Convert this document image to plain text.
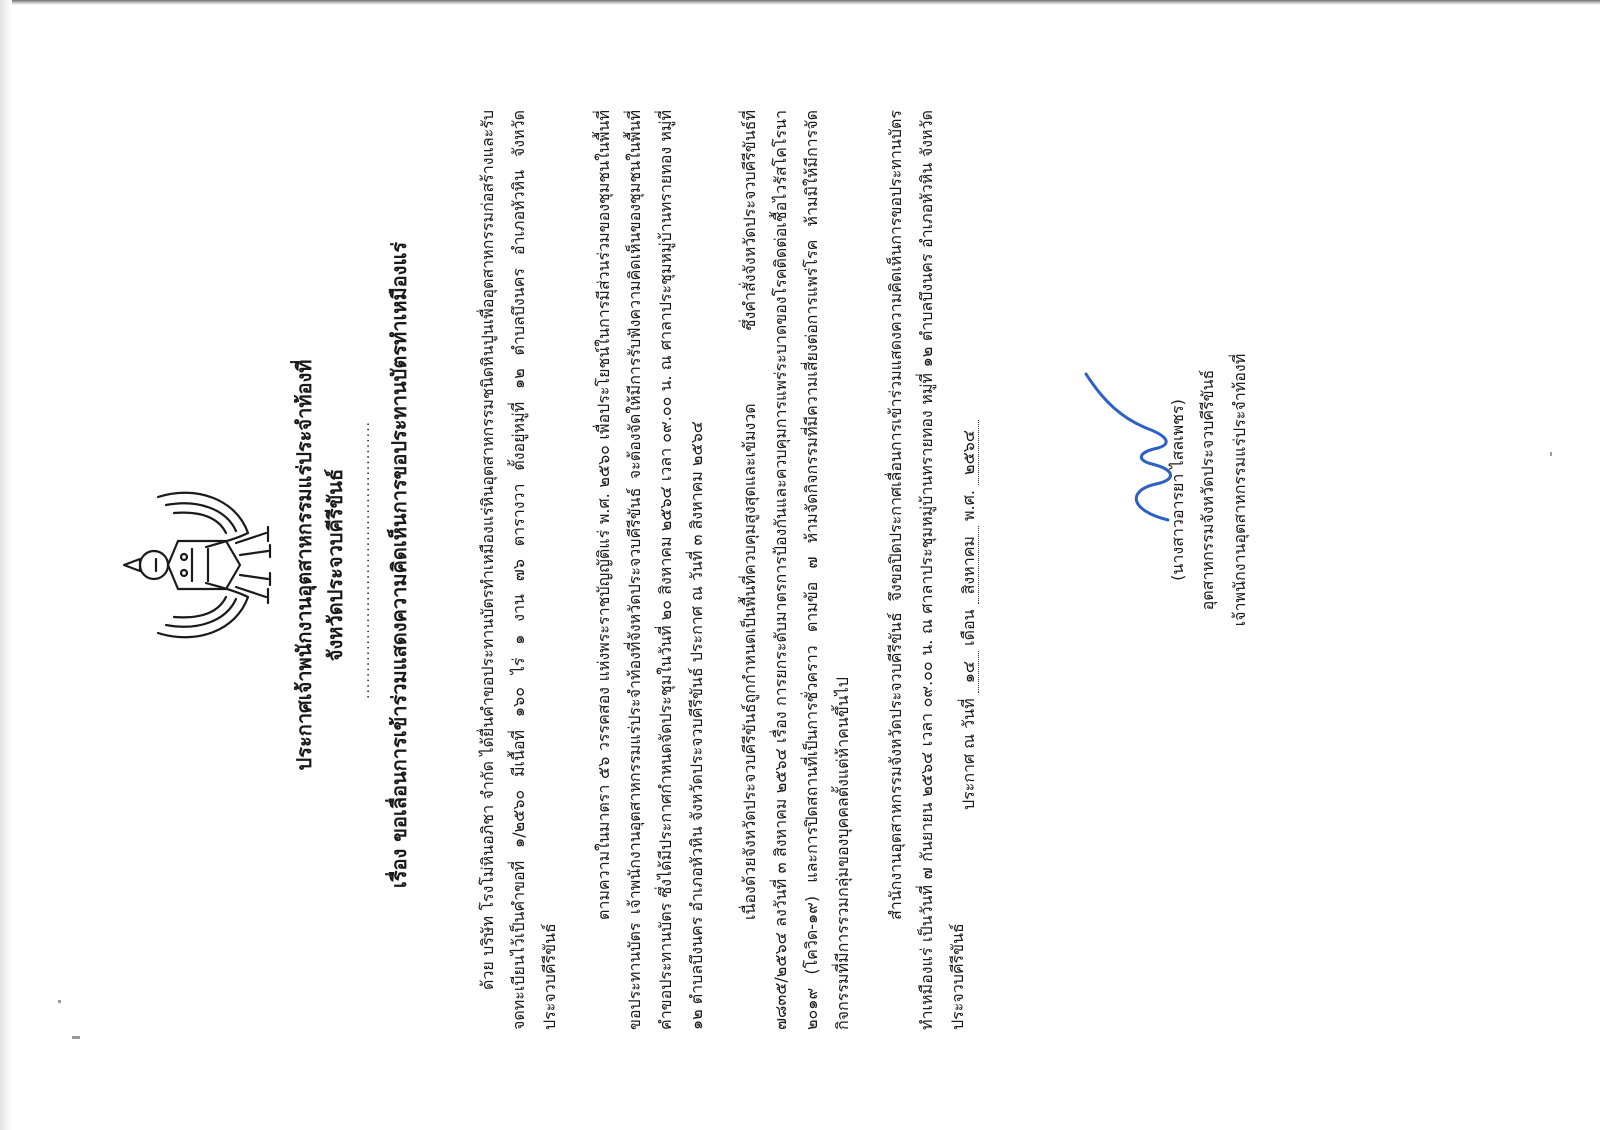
ประกาศเจ้าพนักงานอุตสาหกรรมแร่ประจำท้องที่ จังหวัดประจวบคีรีขันธ์ ................................................... เรื่อง ขอเลื่อนการเข้าร่วมแสดงความคิดเห็นการขอประทานบัตรทำเหมืองแร่	ด้วย บริษัท โรงโม่หินอภิชา จำกัด ได้ยื่นคำขอประทานบัตรทำเหมืองแร่หินอุตสาหกรรมชนิดหินปูนเพื่ออุตสาหกรรมก่อสร้างและรับจดทะเบียนไว้เป็นคำขอที่ ๑/๒๕๖๐ มีเนื้อที่ ๑๖๐ ไร่ ๑ งาน ๗๖ ตารางวา ตั้งอยู่หมู่ที่ ๑๒ ตำบลบึงนคร อำเภอหัวหิน จังหวัดประจวบคีรีขันธ์

ตามความในมาตรา ๕๖ วรรคสอง แห่งพระราชบัญญัติแร่ พ.ศ. ๒๕๖๐ เพื่อประโยชน์ในการมีส่วนร่วมของชุมชนในพื้นที่ขอประทานบัตร เจ้าพนักงานอุตสาหกรรมแร่ประจำท้องที่จังหวัดประจวบคีรีขันธ์ จะต้องจัดให้มีการรับฟังความคิดเห็นของชุมชนในพื้นที่คำขอประทานบัตร ซึ่งได้มีประกาศกำหนดจัดประชุมในวันที่ ๒๐ สิงหาคม ๒๕๖๔ เวลา ๐๙.๐๐ น. ณ ศาลาประชุมหมู่บ้านทรายทอง หมู่ที่ ๑๒ ตำบลบึงนคร อำเภอหัวหิน จังหวัดประจวบคีรีขันธ์ ประกาศ ณ วันที่ ๓ สิงหาคม ๒๕๖๔	เนื่องด้วยจังหวัดประจวบคีรีขันธ์ถูกกำหนดเป็นพื้นที่ควบคุมสูงสุดและเข้มงวด ซึ่งคำสั่งจังหวัดประจวบคีรีขันธ์ที่ ๗๘๓๕/๒๕๖๔ ลงวันที่ ๓ สิงหาคม ๒๕๖๔ เรื่อง การยกระดับมาตรการป้องกันและควบคุมการแพร่ระบาดของโรคติดต่อเชื้อไวรัสโคโรนา ๒๐๑๙ (โควิด-๑๙) และการปิดสถานที่เป็นการชั่วคราว ตามข้อ ๗ ห้ามจัดกิจกรรมที่มีความเสี่ยงต่อการแพร่โรค ห้ามมิให้มีการจัดกิจกรรมที่มีการรวมกลุ่มของบุคคลตั้งแต่ห้าคนขึ้นไป	สำนักงานอุตสาหกรรมจังหวัดประจวบคีรีขันธ์ จึงขอปิดประกาศเลื่อนการเข้าร่วมแสดงความคิดเห็นการขอประทานบัตรทำเหมืองแร่ เป็นวันที่ ๗ กันยายน ๒๕๖๔ เวลา ๐๙.๐๐ น. ณ ศาลาประชุมหมู่บ้านทรายทอง หมู่ที่ ๑๒ ตำบลบึงนคร อำเภอหัวหิน จังหวัดประจวบคีรีขันธ์

ประกาศ ณ วันที่ ๑๔ เดือน สิงหาคม พ.ศ. ๒๕๖๔	(นางสาวอารยา ไสลเพชร) อุตสาหกรรมจังหวัดประจวบคีรีขันธ์ เจ้าพนักงานอุตสาหกรรมแร่ประจำท้องที่
